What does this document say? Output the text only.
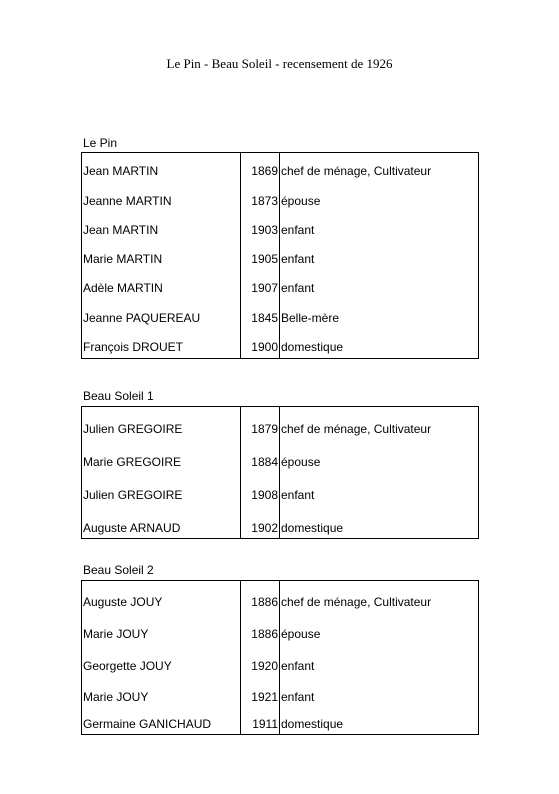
Le Pin - Beau Soleil - recensement de 1926
Le Pin
Jean MARTIN	1869 chef de ménage, Cultivateur
Jeanne MARTIN	1873 épouse
Jean MARTIN	1903 enfant
Marie MARTIN	1905 enfant
Adèle MARTIN	1907 enfant
Jeanne PAQUEREAU	1845 Belle-mère
François DROUET	1900 domestique
Beau Soleil 1
Julien GREGOIRE	1879 chef de ménage, Cultivateur
Marie GREGOIRE	1884 épouse
Julien GREGOIRE	1908 enfant
Auguste ARNAUD	1902 domestique
Beau Soleil 2
Auguste JOUY	1886 chef de ménage, Cultivateur
Marie JOUY	1886 épouse
Georgette JOUY	1920 enfant
Marie JOUY	1921 enfant
Germaine GANICHAUD	1911 domestique
